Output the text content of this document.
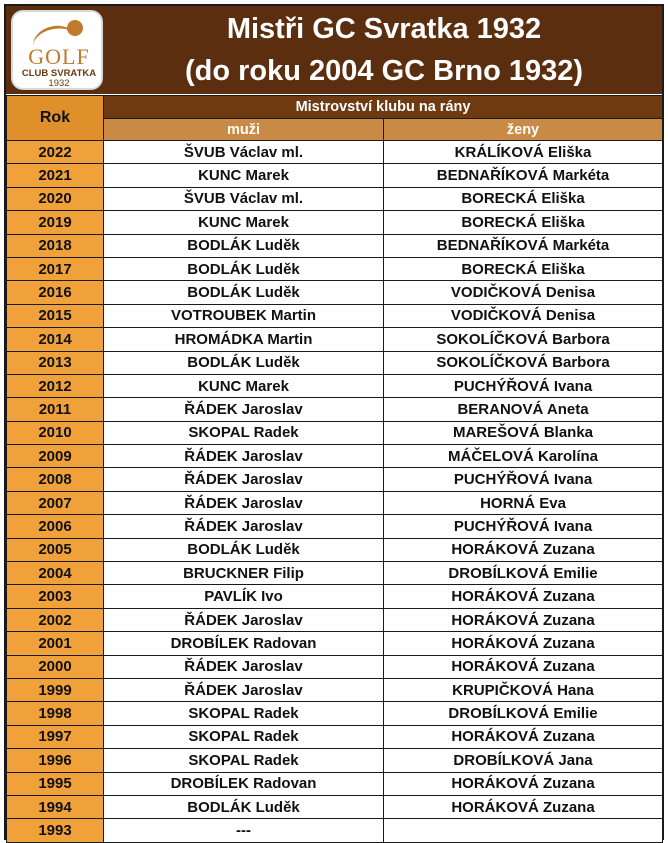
GOLF
CLUB SVRATKA
1932
Mistři GC Svratka 1932
(do roku 2004 GC Brno 1932)
Rok	Mistrovství klubu na rány	
	muži	ženy
2022	ŠVUB Václav ml.	KRÁLÍKOVÁ Eliška
2021	KUNC Marek	BEDNAŘÍKOVÁ Markéta
2020	ŠVUB Václav ml.	BORECKÁ Eliška
2019	KUNC Marek	BORECKÁ Eliška
2018	BODLÁK Luděk	BEDNAŘÍKOVÁ Markéta
2017	BODLÁK Luděk	BORECKÁ Eliška
2016	BODLÁK Luděk	VODIČKOVÁ Denisa
2015	VOTROUBEK Martin	VODIČKOVÁ Denisa
2014	HROMÁDKA Martin	SOKOLÍČKOVÁ Barbora
2013	BODLÁK Luděk	SOKOLÍČKOVÁ Barbora
2012	KUNC Marek	PUCHÝŘOVÁ Ivana
2011	ŘÁDEK Jaroslav	BERANOVÁ Aneta
2010	SKOPAL Radek	MAREŠOVÁ Blanka
2009	ŘÁDEK Jaroslav	MÁČELOVÁ Karolína
2008	ŘÁDEK Jaroslav	PUCHÝŘOVÁ Ivana
2007	ŘÁDEK Jaroslav	HORNÁ Eva
2006	ŘÁDEK Jaroslav	PUCHÝŘOVÁ Ivana
2005	BODLÁK Luděk	HORÁKOVÁ Zuzana
2004	BRUCKNER Filip	DROBÍLKOVÁ Emilie
2003	PAVLÍK Ivo	HORÁKOVÁ Zuzana
2002	ŘÁDEK Jaroslav	HORÁKOVÁ Zuzana
2001	DROBÍLEK Radovan	HORÁKOVÁ Zuzana
2000	ŘÁDEK Jaroslav	HORÁKOVÁ Zuzana
1999	ŘÁDEK Jaroslav	KRUPIČKOVÁ Hana
1998	SKOPAL Radek	DROBÍLKOVÁ Emilie
1997	SKOPAL Radek	HORÁKOVÁ Zuzana
1996	SKOPAL Radek	DROBÍLKOVÁ Jana
1995	DROBÍLEK Radovan	HORÁKOVÁ Zuzana
1994	BODLÁK Luděk	HORÁKOVÁ Zuzana
1993	---	
